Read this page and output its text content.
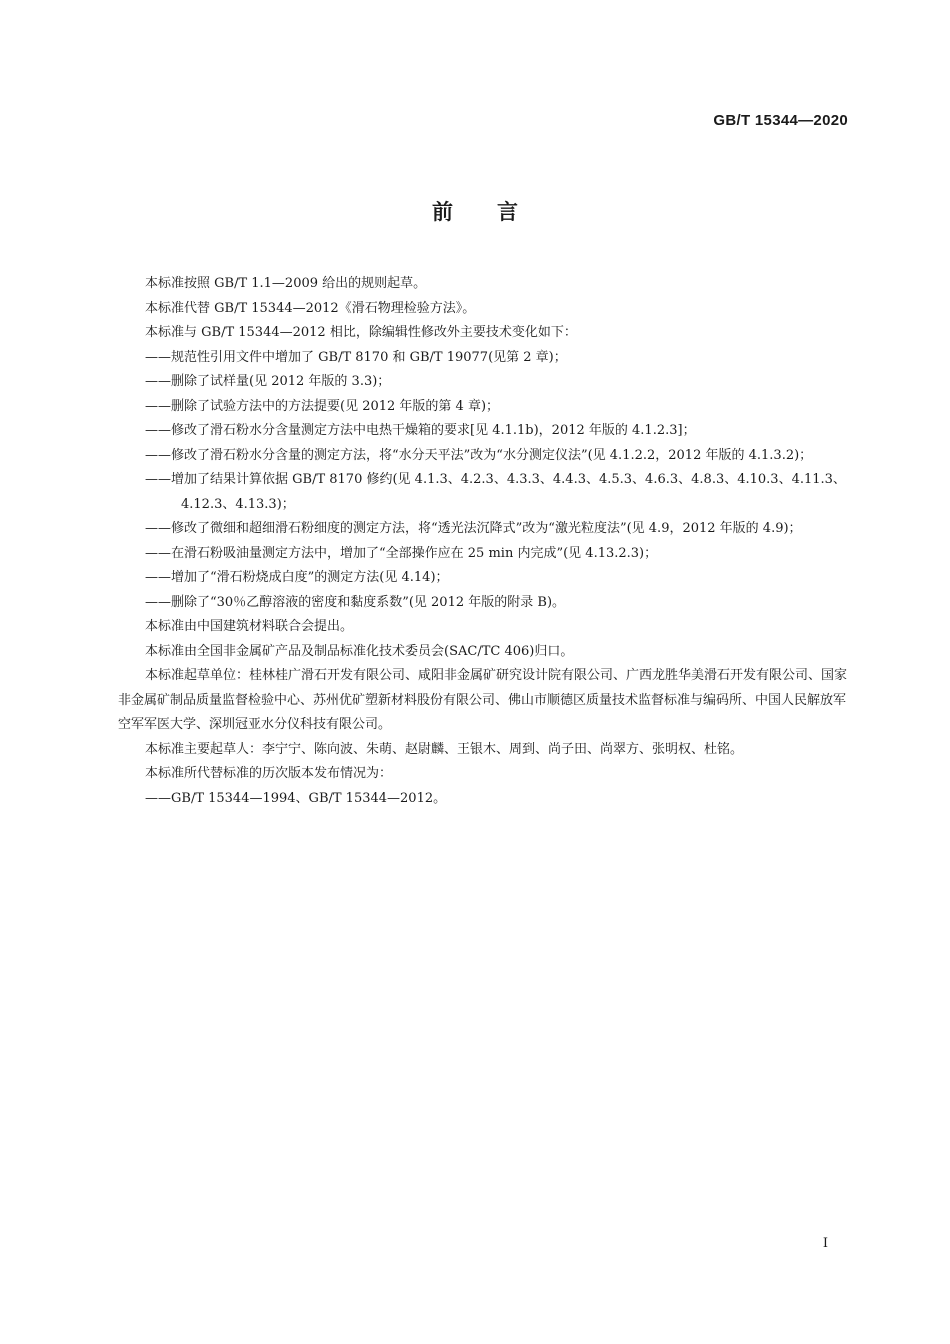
GB/T 15344—2020
前言

本标准按照 GB/T 1.1—2009 给出的规则起草。

本标准代替 GB/T 15344—2012《滑石物理检验方法》。

本标准与 GB/T 15344—2012 相比，除编辑性修改外主要技术变化如下：

——规范性引用文件中增加了 GB/T 8170 和 GB/T 19077(见第 2 章)；

——删除了试样量(见 2012 年版的 3.3)；

——删除了试验方法中的方法提要(见 2012 年版的第 4 章)；

——修改了滑石粉水分含量测定方法中电热干燥箱的要求[见 4.1.1b)，2012 年版的 4.1.2.3]；

——修改了滑石粉水分含量的测定方法，将“水分天平法”改为“水分测定仪法”(见 4.1.2.2，2012 年版的 4.1.3.2)；

——增加了结果计算依据 GB/T 8170 修约(见 4.1.3、4.2.3、4.3.3、4.4.3、4.5.3、4.6.3、4.8.3、4.10.3、4.11.3、4.12.3、4.13.3)；

——修改了微细和超细滑石粉细度的测定方法，将“透光法沉降式”改为“激光粒度法”(见 4.9，2012 年版的 4.9)；

——在滑石粉吸油量测定方法中，增加了“全部操作应在 25 min 内完成”(见 4.13.2.3)；

——增加了“滑石粉烧成白度”的测定方法(见 4.14)；

——删除了“30％乙醇溶液的密度和黏度系数”(见 2012 年版的附录 B)。

本标准由中国建筑材料联合会提出。

本标准由全国非金属矿产品及制品标准化技术委员会(SAC/TC 406)归口。

本标准起草单位：桂林桂广滑石开发有限公司、咸阳非金属矿研究设计院有限公司、广西龙胜华美滑石开发有限公司、国家非金属矿制品质量监督检验中心、苏州优矿塑新材料股份有限公司、佛山市顺德区质量技术监督标准与编码所、中国人民解放军空军军医大学、深圳冠亚水分仪科技有限公司。

本标准主要起草人：李宁宁、陈向波、朱萌、赵尉麟、王银木、周到、尚子田、尚翠方、张明权、杜铭。

本标准所代替标准的历次版本发布情况为：

——GB/T 15344—1994、GB/T 15344—2012。

I
